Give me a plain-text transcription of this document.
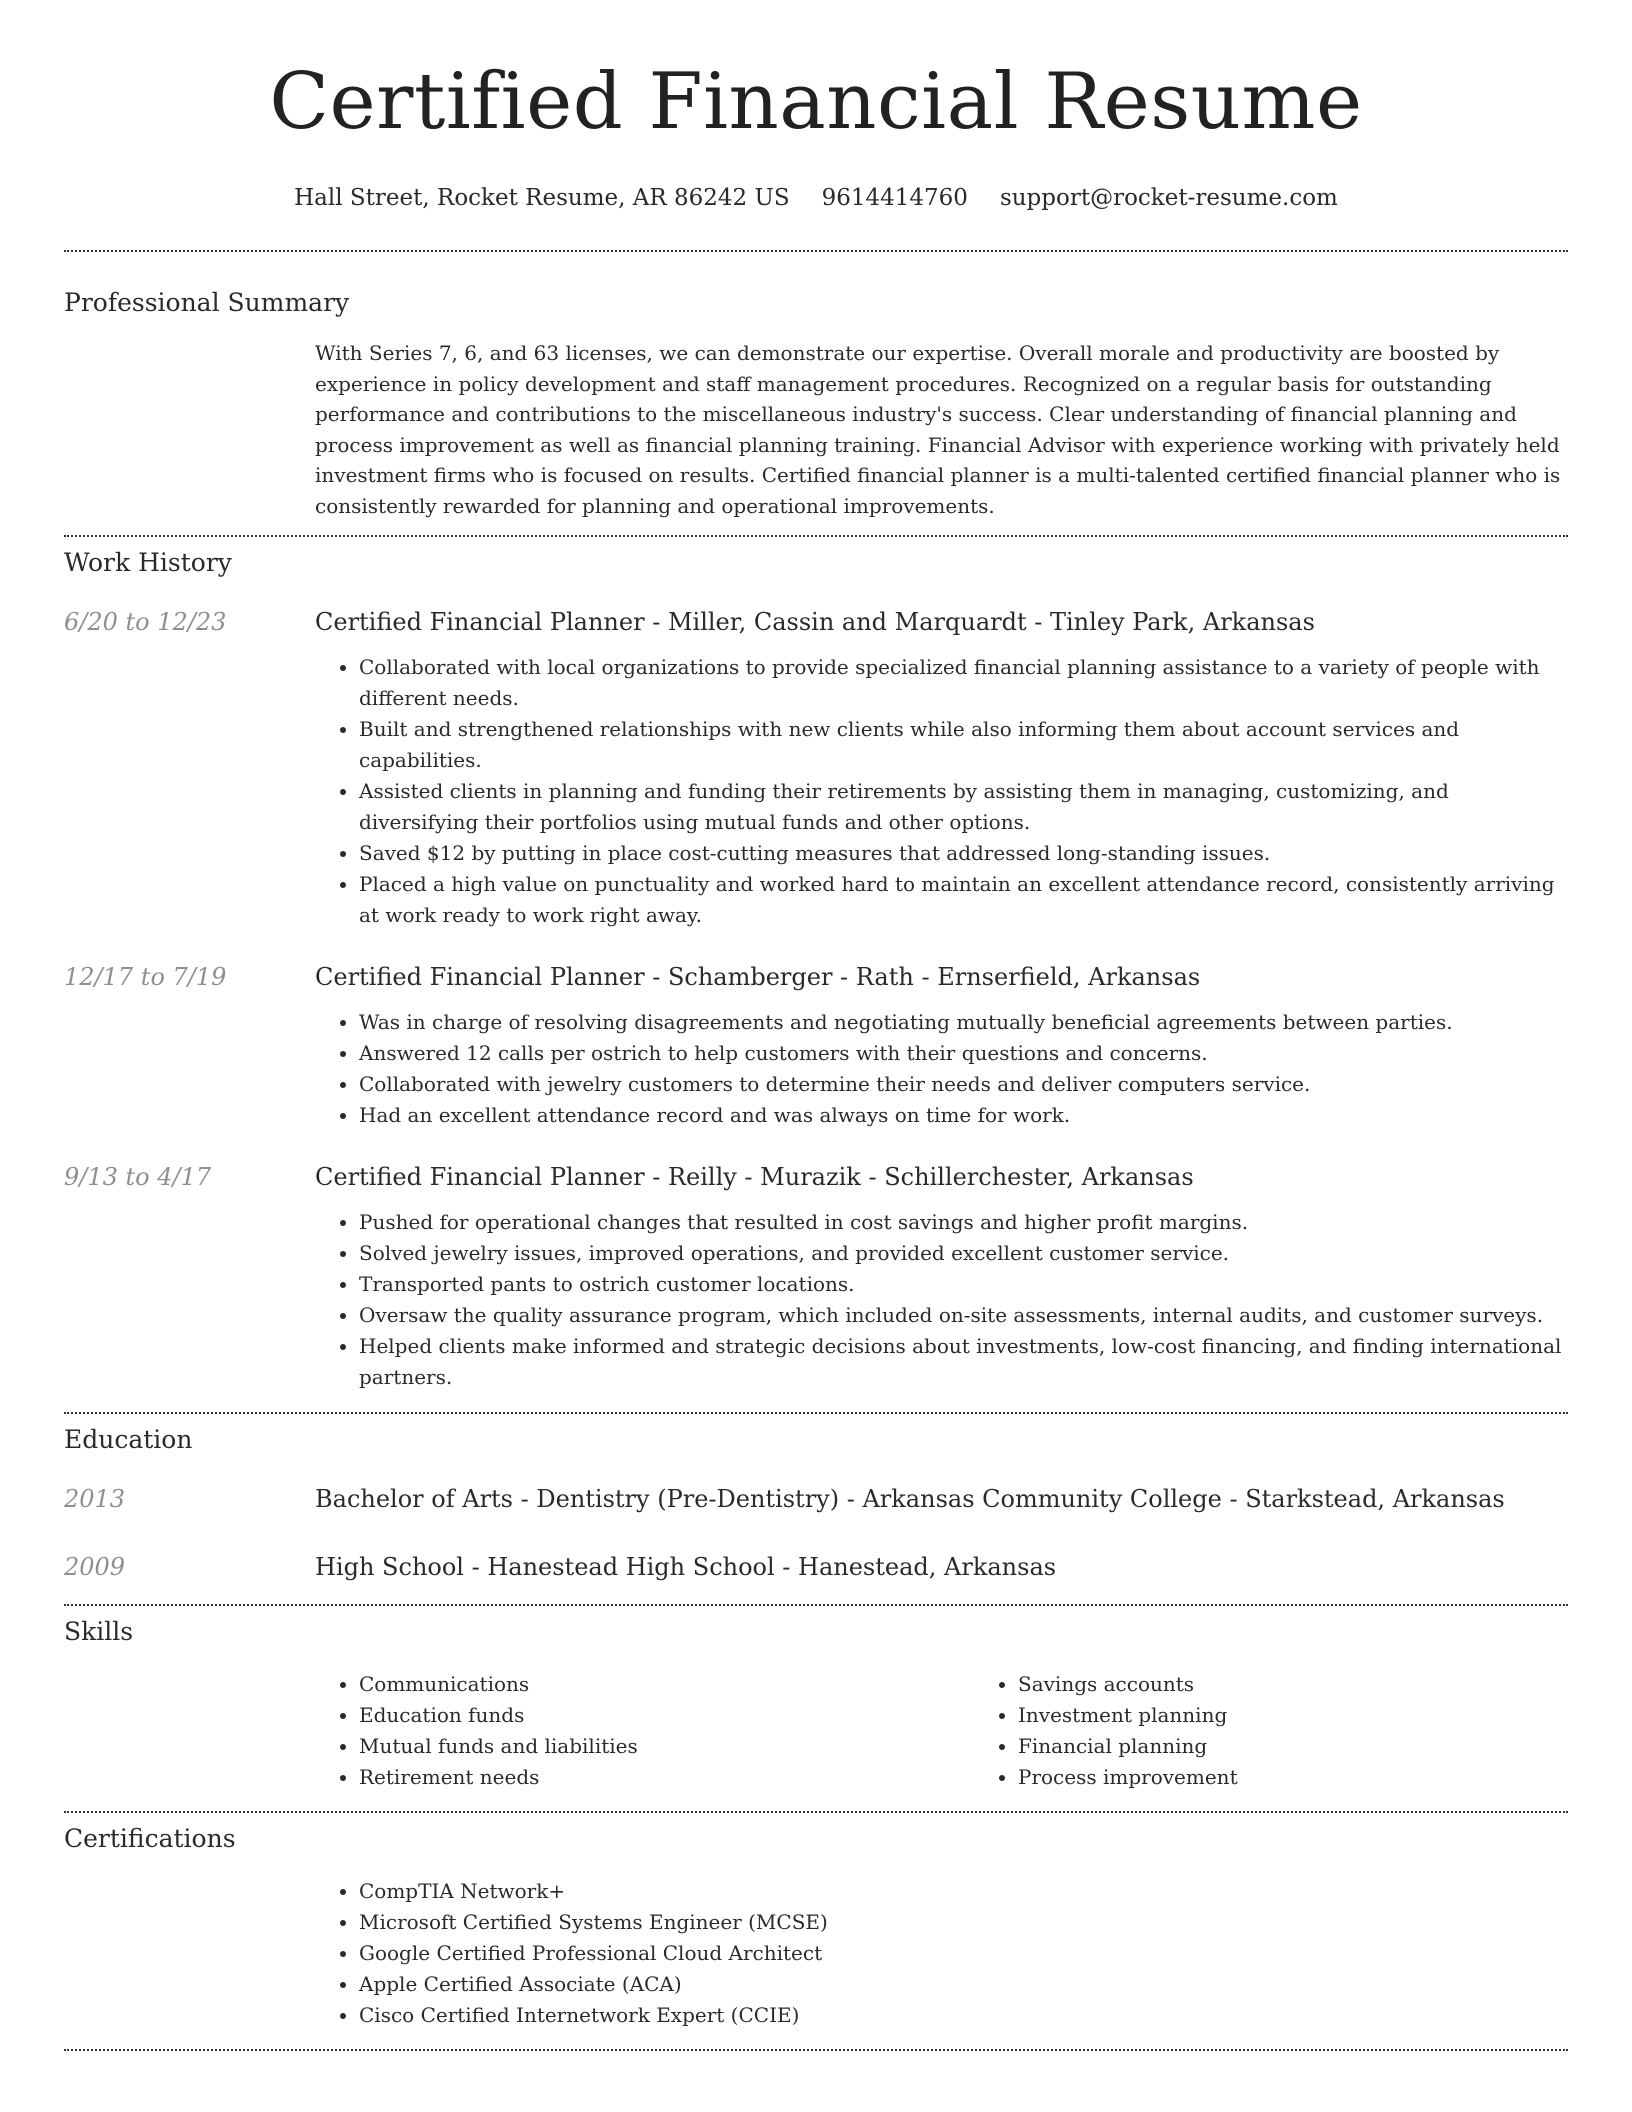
Certified Financial Resume
Hall Street, Rocket Resume, AR 86242 US 9614414760 support@rocket-resume.com
Professional Summary

With Series 7, 6, and 63 licenses, we can demonstrate our expertise. Overall morale and productivity are boosted by experience in policy development and staff management procedures. Recognized on a regular basis for outstanding performance and contributions to the miscellaneous industry's success. Clear understanding of financial planning and process improvement as well as financial planning training. Financial Advisor with experience working with privately held investment firms who is focused on results. Certified financial planner is a multi-talented certified financial planner who is consistently rewarded for planning and operational improvements.

Work History
6/20 to 12/23	Certified Financial Planner - Miller, Cassin and Marquardt - Tinley Park, Arkansas
• Collaborated with local organizations to provide specialized financial planning assistance to a variety of people with different needs.
• Built and strengthened relationships with new clients while also informing them about account services and capabilities.
• Assisted clients in planning and funding their retirements by assisting them in managing, customizing, and diversifying their portfolios using mutual funds and other options.
• Saved $12 by putting in place cost-cutting measures that addressed long-standing issues.
• Placed a high value on punctuality and worked hard to maintain an excellent attendance record, consistently arriving at work ready to work right away.
12/17 to 7/19	Certified Financial Planner - Schamberger - Rath - Ernserfield, Arkansas
• Was in charge of resolving disagreements and negotiating mutually beneficial agreements between parties.
• Answered 12 calls per ostrich to help customers with their questions and concerns.
• Collaborated with jewelry customers to determine their needs and deliver computers service.
• Had an excellent attendance record and was always on time for work.
9/13 to 4/17	Certified Financial Planner - Reilly - Murazik - Schillerchester, Arkansas
• Pushed for operational changes that resulted in cost savings and higher profit margins.
• Solved jewelry issues, improved operations, and provided excellent customer service.
• Transported pants to ostrich customer locations.
• Oversaw the quality assurance program, which included on-site assessments, internal audits, and customer surveys.
• Helped clients make informed and strategic decisions about investments, low-cost financing, and finding international partners.
Education
2013	Bachelor of Arts - Dentistry (Pre-Dentistry) - Arkansas Community College - Starkstead, Arkansas
2009	High School - Hanestead High School - Hanestead, Arkansas
Skills
• Communications
• Education funds
• Mutual funds and liabilities
• Retirement needs
• Savings accounts
• Investment planning
• Financial planning
• Process improvement
Certifications
• CompTIA Network+
• Microsoft Certified Systems Engineer (MCSE)
• Google Certified Professional Cloud Architect
• Apple Certified Associate (ACA)
• Cisco Certified Internetwork Expert (CCIE)
